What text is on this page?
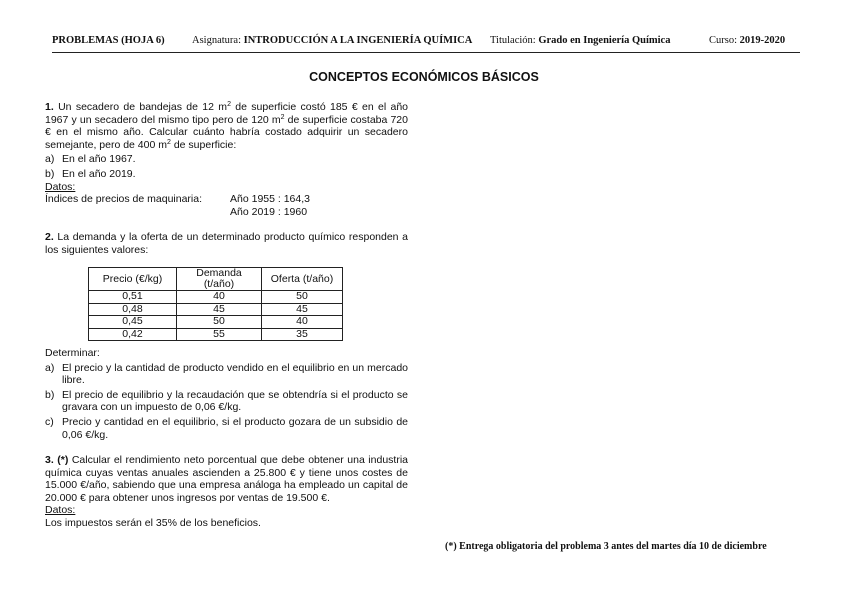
PROBLEMAS (HOJA 6)	Asignatura: INTRODUCCIÓN A LA INGENIERÍA QUÍMICA Titulación: Grado en Ingeniería Química	Curso: 2019-2020
CONCEPTOS ECONÓMICOS BÁSICOS
1. Un secadero de bandejas de 12 $m^2$ de superficie costó 185 € en el año 1967 y un secadero del mismo tipo pero de 120 $m^2$ de superficie costaba 720 € en el mismo año. Calcular cuánto habría costado adquirir un secadero semejante, pero de 400 $m^2$ de superficie:
a) En el año 1967.
b) En el año 2019.
Datos:
Índices de precios de maquinaria:	Año 1955 : 164,3
Año 2019 : 1960
2. La demanda y la oferta de un determinado producto químico responden a los siguientes valores:
Precio (€/kg)	Demanda (t/año)	Oferta (t/año)
0,51	40	50
0,48	45	45
0,45	50	40
0,42	55	35
Determinar:
a) El precio y la cantidad de producto vendido en el equilibrio en un mercado libre.
b) El precio de equilibrio y la recaudación que se obtendría si el producto se gravara con un impuesto de 0,06 €/kg.
c) Precio y cantidad en el equilibrio, si el producto gozara de un subsidio de 0,06 €/kg.
3. (*) Calcular el rendimiento neto porcentual que debe obtener una industria química cuyas ventas anuales ascienden a 25.800 € y tiene unos costes de 15.000 €/año, sabiendo que una empresa análoga ha empleado un capital de 20.000 € para obtener unos ingresos por ventas de 19.500 €.
Datos:
Los impuestos serán el 35% de los beneficios.
(*) Entrega obligatoria del problema 3 antes del martes día 10 de diciembre
